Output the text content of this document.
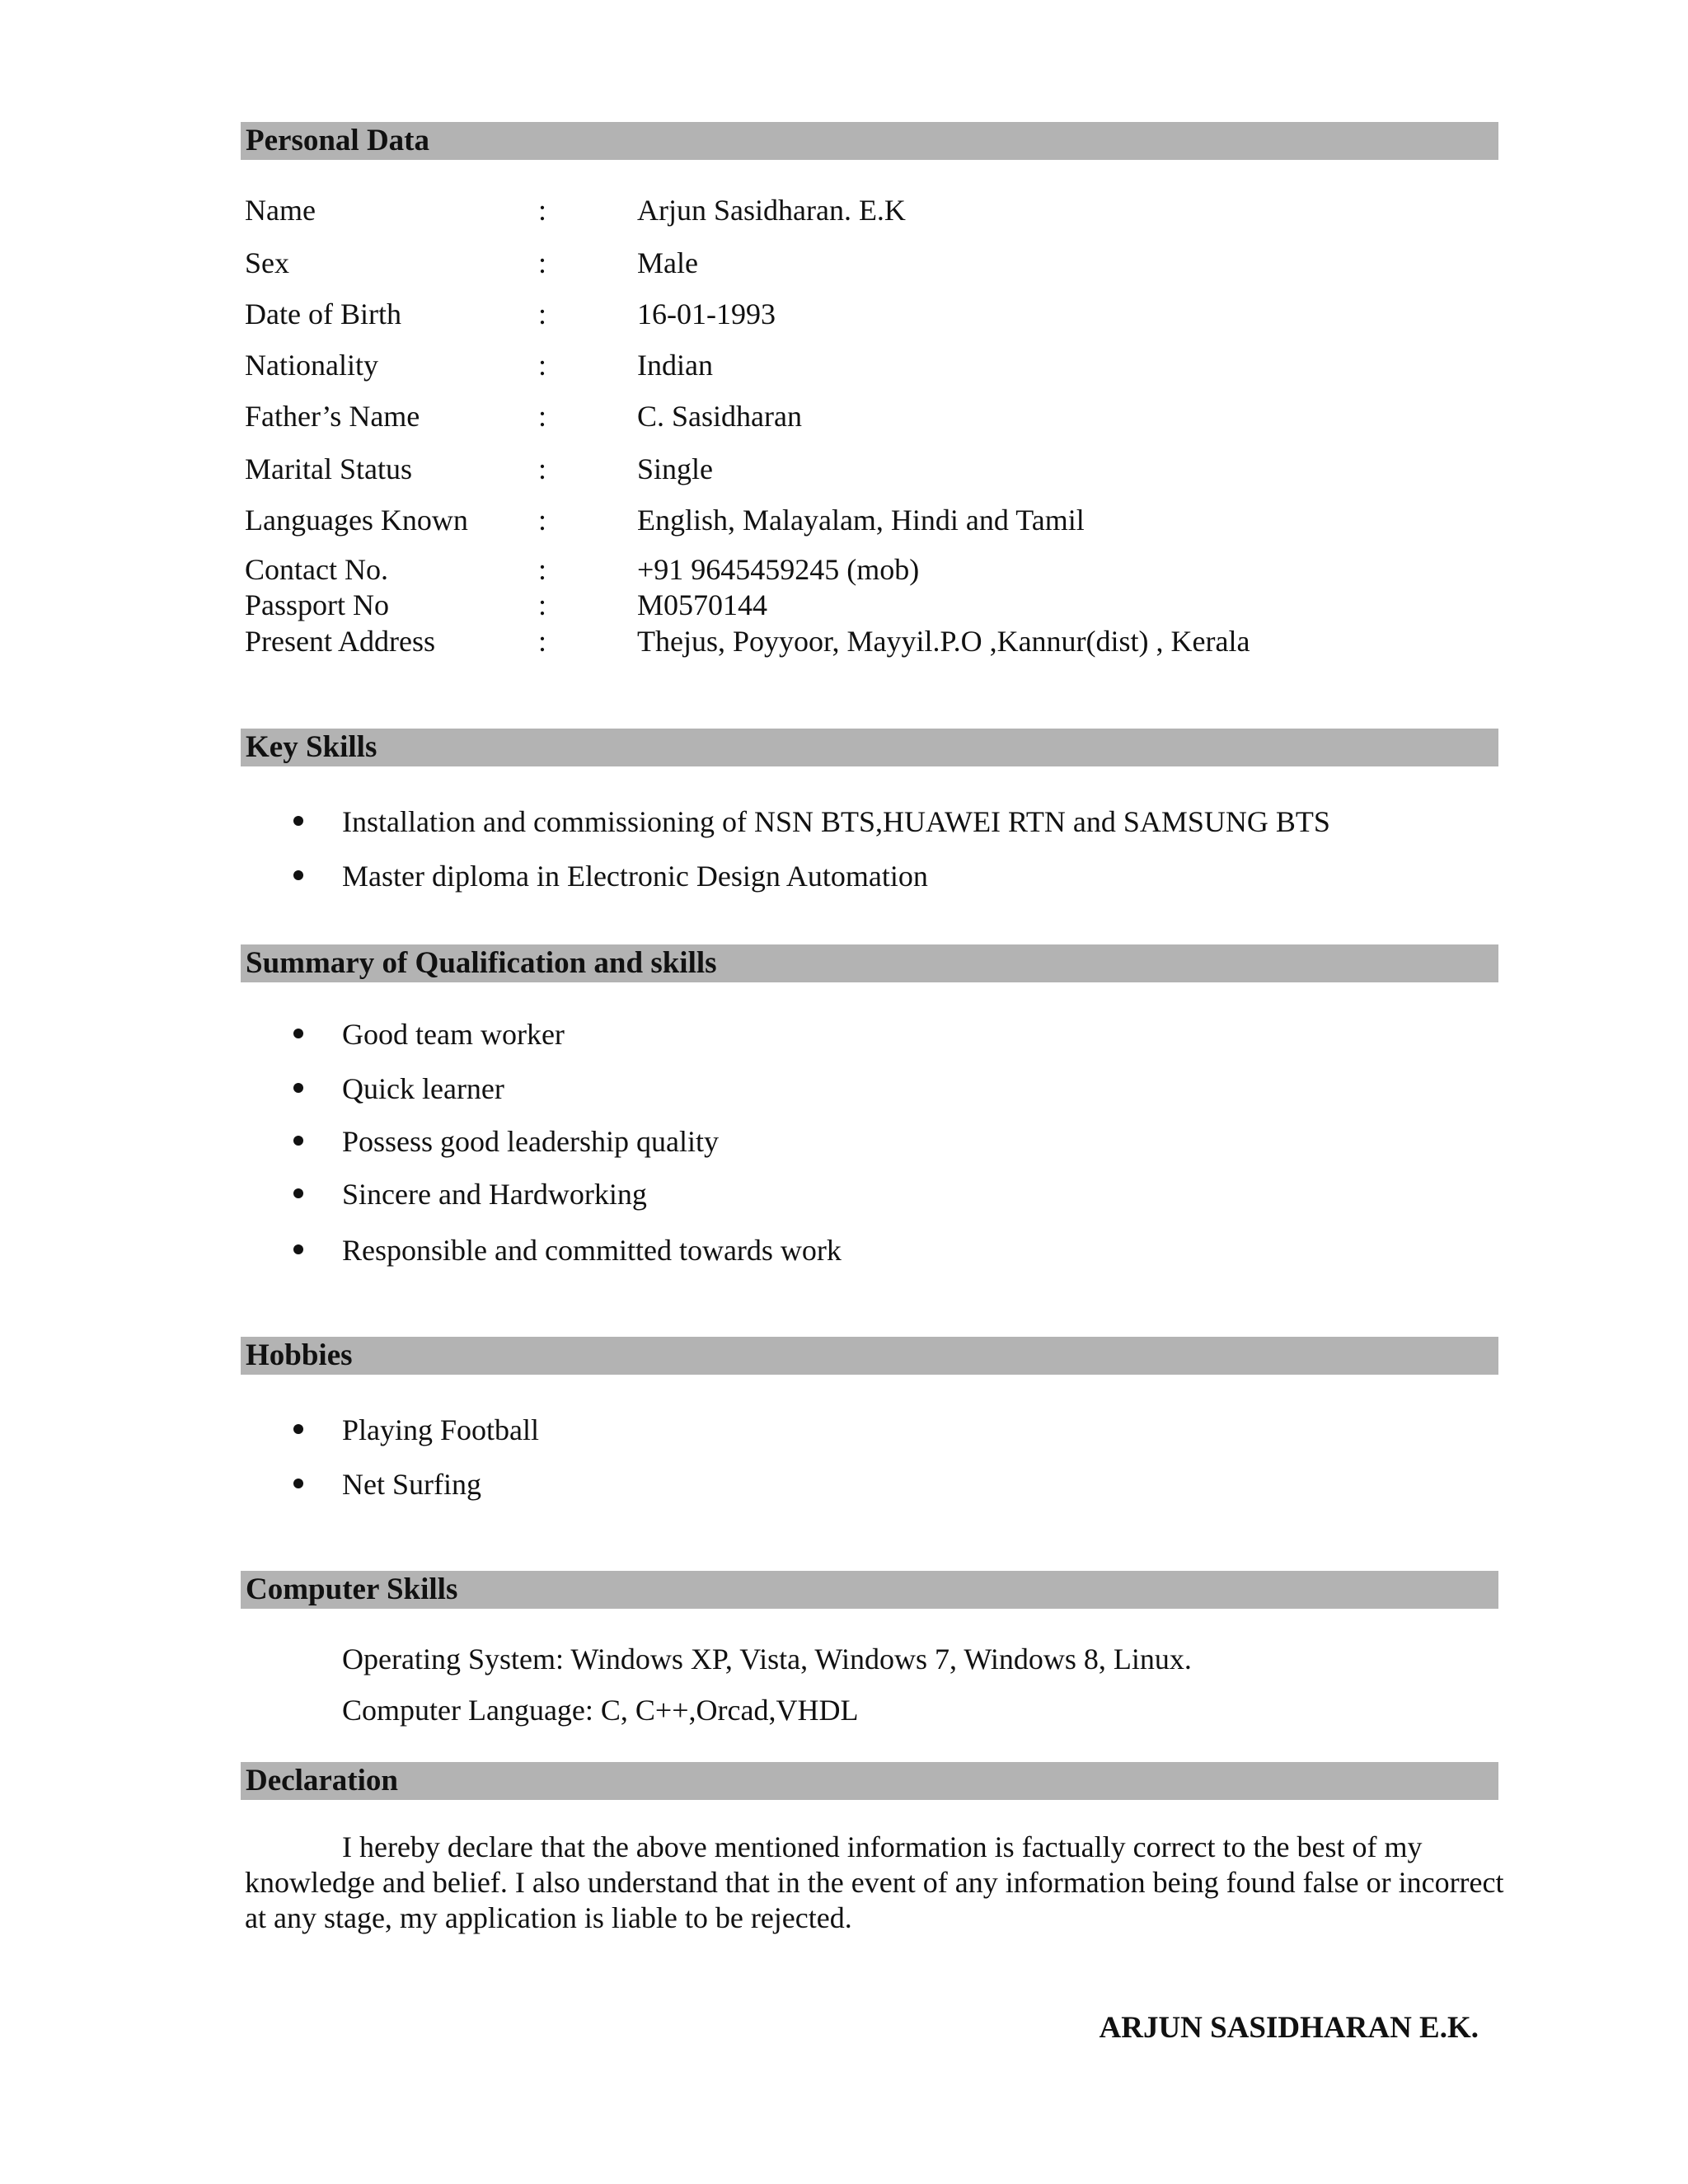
Personal Data
Name	:	Arjun Sasidharan. E.K
Sex	:	Male
Date of Birth	:	16-01-1993
Nationality	:	Indian
Father’s Name	:	C. Sasidharan
Marital Status	:	Single
Languages Known :	English, Malayalam, Hindi and Tamil
Contact No.	:	+91 9645459245 (mob)
Passport No	:	M0570144
Present Address	:	Thejus, Poyyoor, Mayyil.P.O ,Kannur(dist) , Kerala
Key Skills
Installation and commissioning of NSN BTS,HUAWEI RTN and SAMSUNG BTS
Master diploma in Electronic Design Automation
Summary of Qualification and skills
Good team worker
Quick learner
Possess good leadership quality
Sincere and Hardworking
Responsible and committed towards work
Hobbies
Playing Football
Net Surfing
Computer Skills
Operating System: Windows XP, Vista, Windows 7, Windows 8, Linux.
Computer Language: C, C++,Orcad,VHDL
Declaration
I hereby declare that the above mentioned information is factually correct to the best of my knowledge and belief. I also understand that in the event of any information being found false or incorrect at any stage, my application is liable to be rejected.
ARJUN SASIDHARAN E.K.
